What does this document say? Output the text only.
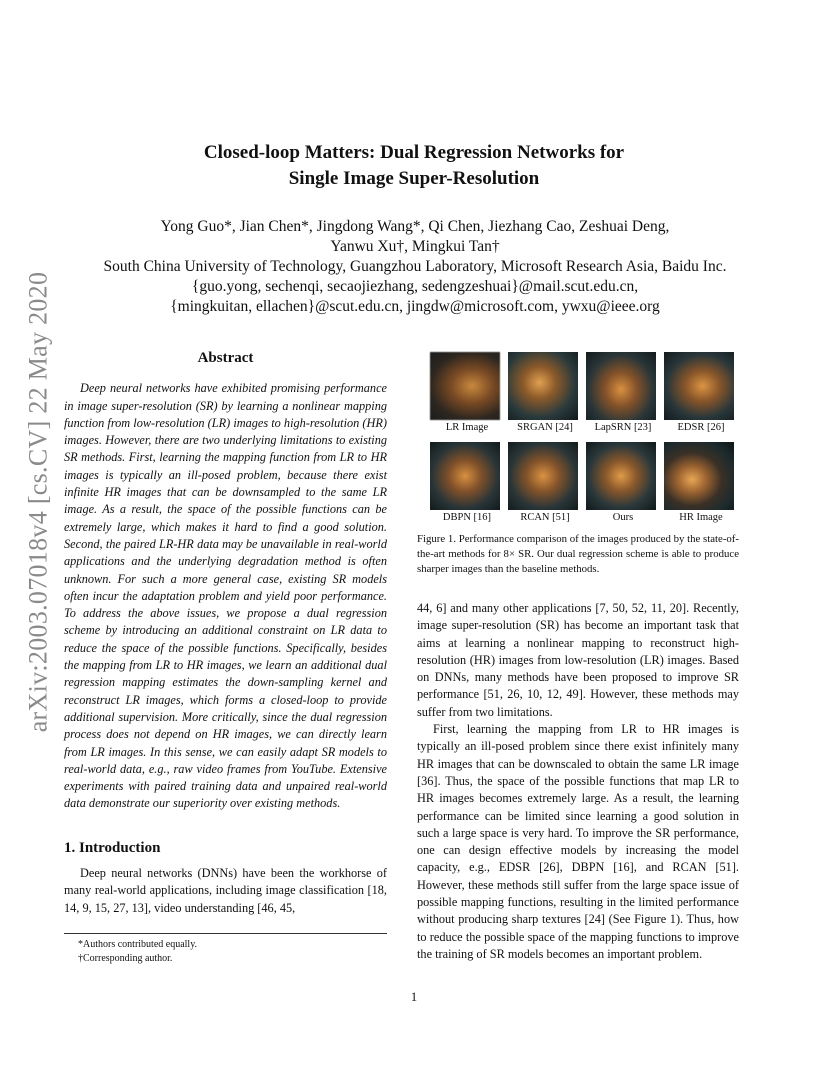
arXiv:2003.07018v4 [cs.CV] 22 May 2020
Closed-loop Matters: Dual Regression Networks for
Single Image Super-Resolution
Yong Guo*, Jian Chen*, Jingdong Wang*, Qi Chen, Jiezhang Cao, Zeshuai Deng,
Yanwu Xu†, Mingkui Tan†
South China University of Technology, Guangzhou Laboratory, Microsoft Research Asia, Baidu Inc.
{guo.yong, sechenqi, secaojiezhang, sedengzeshuai}@mail.scut.edu.cn,
{mingkuitan, ellachen}@scut.edu.cn, jingdw@microsoft.com, ywxu@ieee.org
Abstract

Deep neural networks have exhibited promising performance in image super-resolution (SR) by learning a nonlinear mapping function from low-resolution (LR) images to high-resolution (HR) images. However, there are two underlying limitations to existing SR methods. First, learning the mapping function from LR to HR images is typically an ill-posed problem, because there exist infinite HR images that can be downsampled to the same LR image. As a result, the space of the possible functions can be extremely large, which makes it hard to find a good solution. Second, the paired LR-HR data may be unavailable in real-world applications and the underlying degradation method is often unknown. For such a more general case, existing SR models often incur the adaptation problem and yield poor performance. To address the above issues, we propose a dual regression scheme by introducing an additional constraint on LR data to reduce the space of the possible functions. Specifically, besides the mapping from LR to HR images, we learn an additional dual regression mapping estimates the down-sampling kernel and reconstruct LR images, which forms a closed-loop to provide additional supervision. More critically, since the dual regression process does not depend on HR images, we can directly learn from LR images. In this sense, we can easily adapt SR models to real-world data, e.g., raw video frames from YouTube. Extensive experiments with paired training data and unpaired real-world data demonstrate our superiority over existing methods.

1. Introduction

Deep neural networks (DNNs) have been the workhorse of many real-world applications, including image classification [18, 14, 9, 15, 27, 13], video understanding [46, 45,

*Authors contributed equally.
†Corresponding author.
LR Image	SRGAN [24]	LapSRN [23]	EDSR [26]
DBPN [16]	RCAN [51]	Ours	HR Image
Figure 1. Performance comparison of the images produced by the state-of-the-art methods for 8× SR. Our dual regression scheme is able to produce sharper images than the baseline methods.

44, 6] and many other applications [7, 50, 52, 11, 20]. Recently, image super-resolution (SR) has become an important task that aims at learning a nonlinear mapping to reconstruct high-resolution (HR) images from low-resolution (LR) images. Based on DNNs, many methods have been proposed to improve SR performance [51, 26, 10, 12, 49]. However, these methods may suffer from two limitations.

First, learning the mapping from LR to HR images is typically an ill-posed problem since there exist infinitely many HR images that can be downscaled to obtain the same LR image [36]. Thus, the space of the possible functions that map LR to HR images becomes extremely large. As a result, the learning performance can be limited since learning a good solution in such a large space is very hard. To improve the SR performance, one can design effective models by increasing the model capacity, e.g., EDSR [26], DBPN [16], and RCAN [51]. However, these methods still suffer from the large space issue of possible mapping functions, resulting in the limited performance without producing sharp textures [24] (See Figure 1). Thus, how to reduce the possible space of the mapping functions to improve the training of SR models becomes an important problem.

1
